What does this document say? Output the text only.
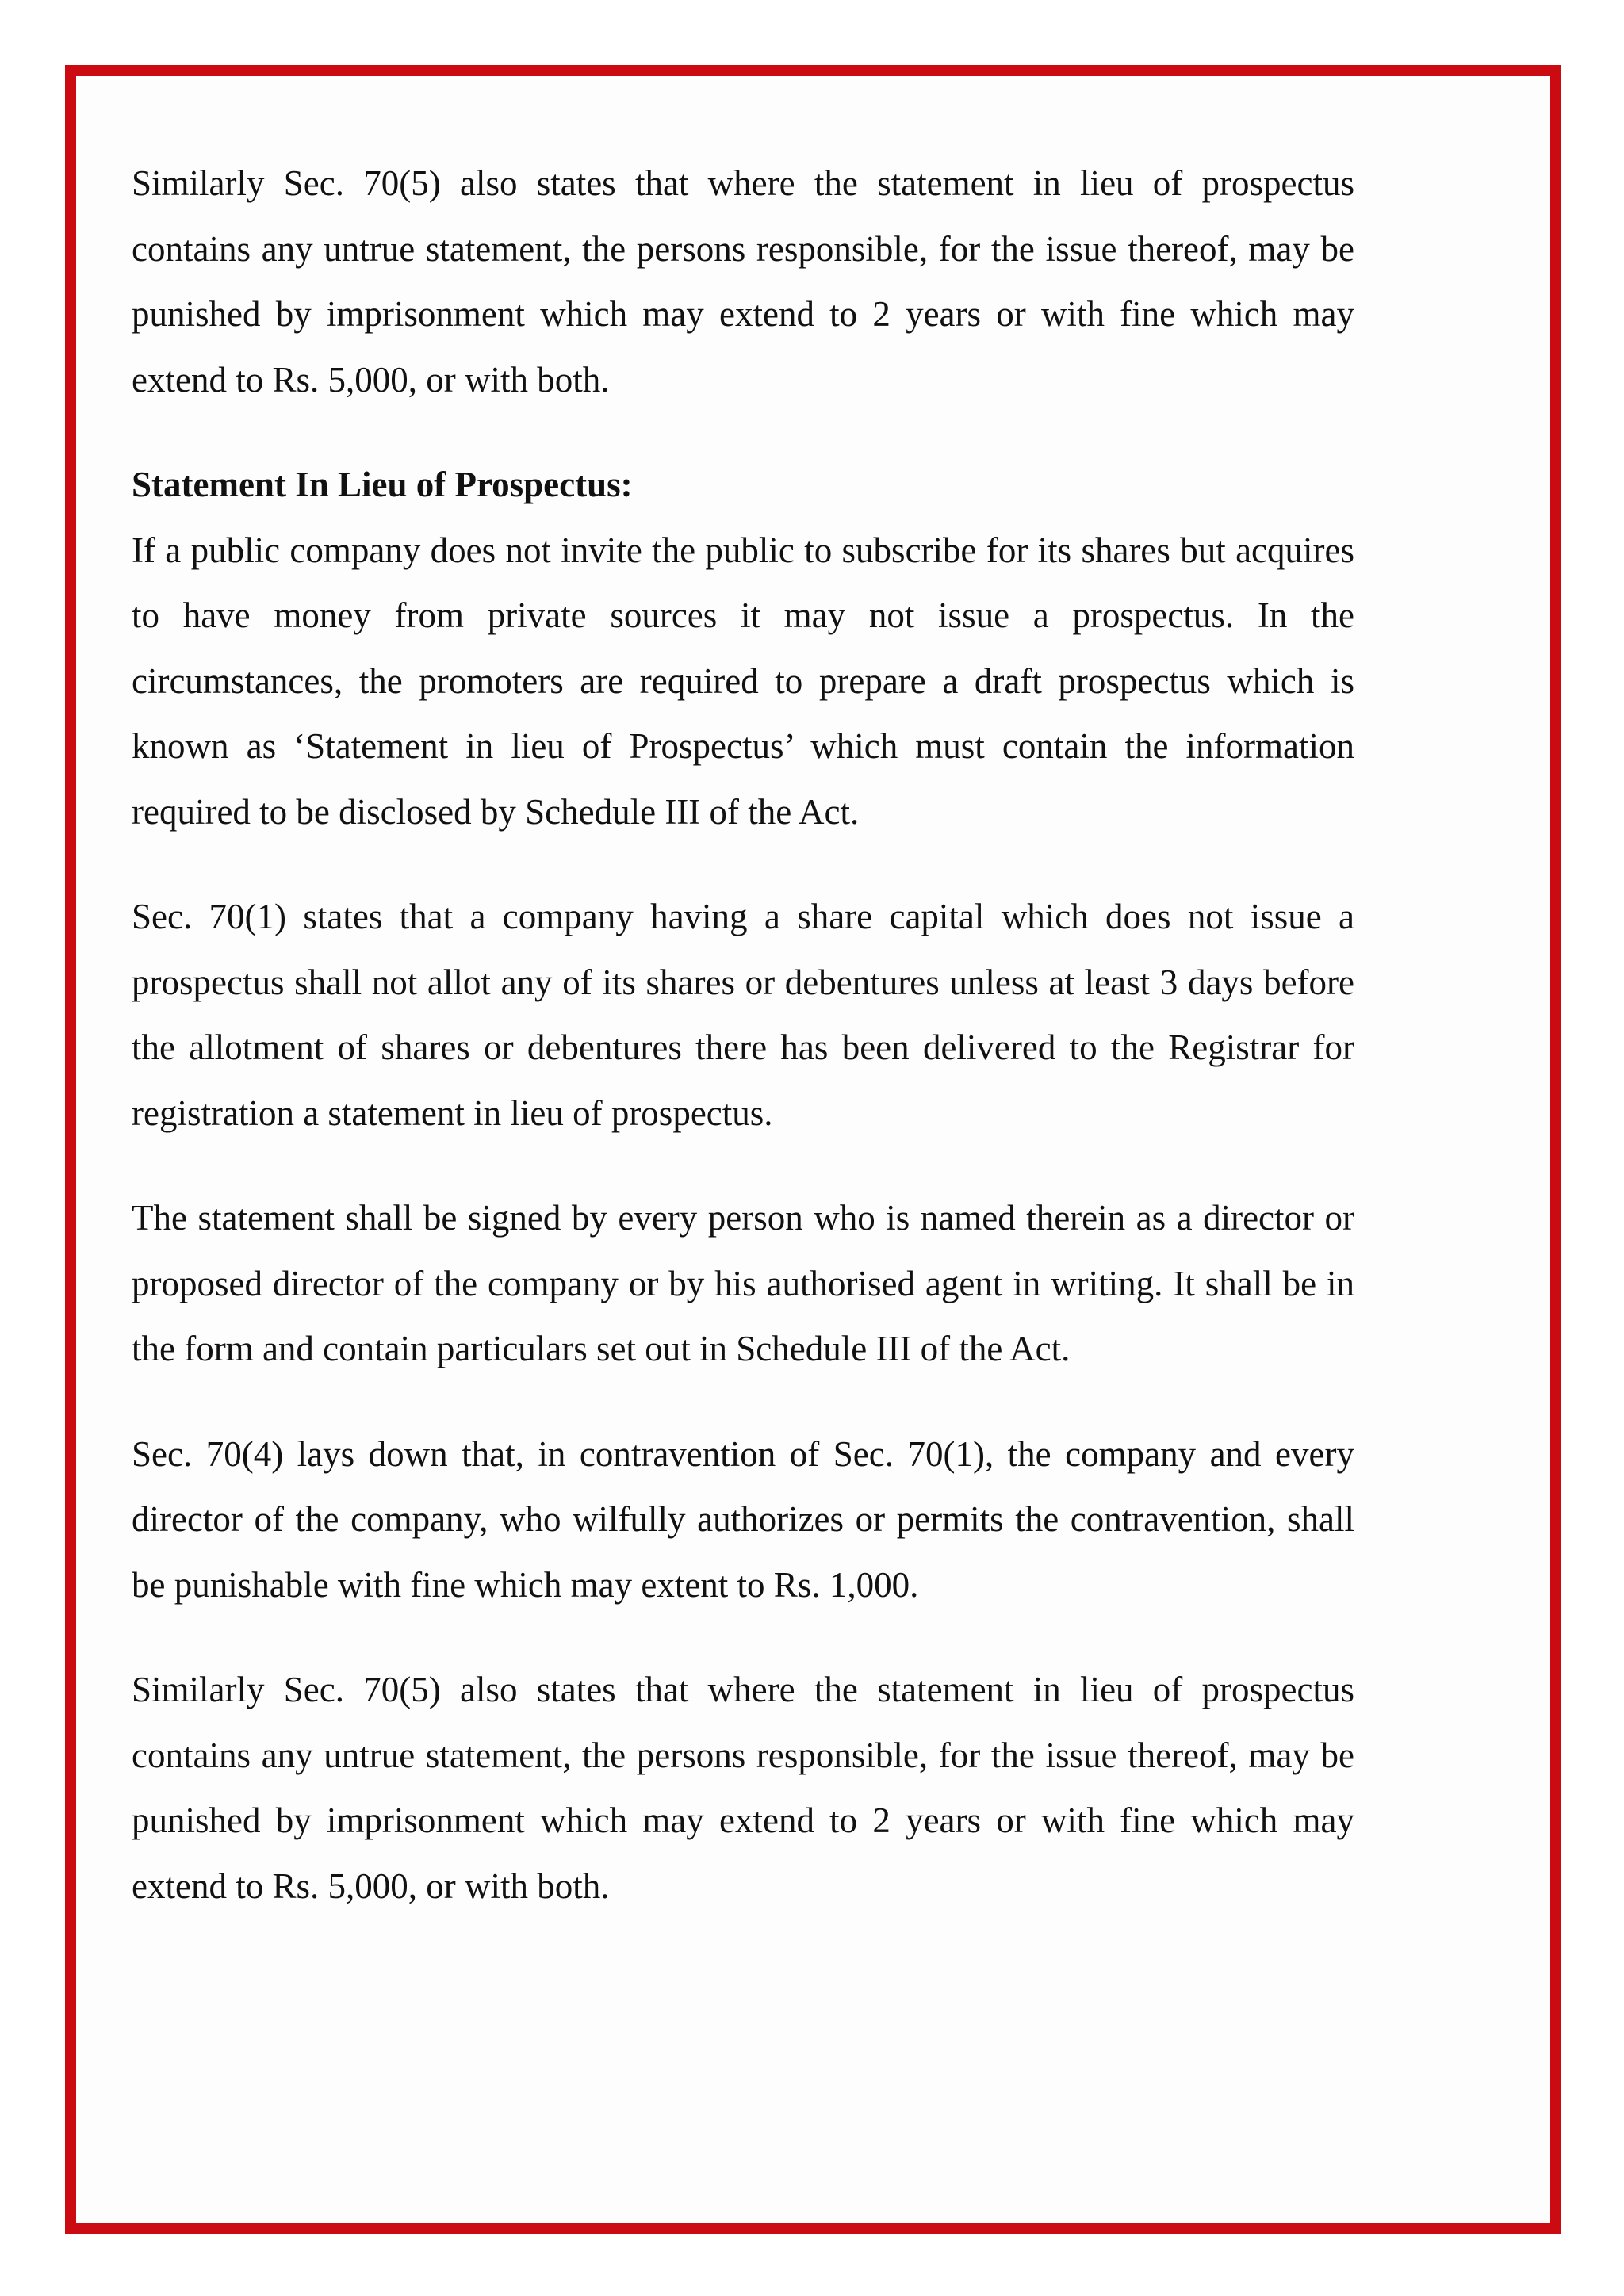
Similarly Sec. 70(5) also states that where the statement in lieu of prospectus contains any untrue statement, the persons responsible, for the issue thereof, may be punished by imprisonment which may extend to 2 years or with fine which may extend to Rs. 5,000, or with both.

Statement In Lieu of Prospectus:

If a public company does not invite the public to subscribe for its shares but acquires to have money from private sources it may not issue a prospectus. In the circumstances, the promoters are required to prepare a draft prospectus which is known as ‘Statement in lieu of Prospectus’ which must contain the information required to be disclosed by Schedule III of the Act.

Sec. 70(1) states that a company having a share capital which does not issue a prospectus shall not allot any of its shares or debentures unless at least 3 days before the allotment of shares or debentures there has been delivered to the Registrar for registration a statement in lieu of prospectus.

The statement shall be signed by every person who is named therein as a director or proposed director of the company or by his authorised agent in writing. It shall be in the form and contain particulars set out in Schedule III of the Act.

Sec. 70(4) lays down that, in contravention of Sec. 70(1), the company and every director of the company, who wilfully authorizes or permits the contravention, shall be punishable with fine which may extent to Rs. 1,000.

Similarly Sec. 70(5) also states that where the statement in lieu of prospectus contains any untrue statement, the persons responsible, for the issue thereof, may be punished by imprisonment which may extend to 2 years or with fine which may extend to Rs. 5,000, or with both.
